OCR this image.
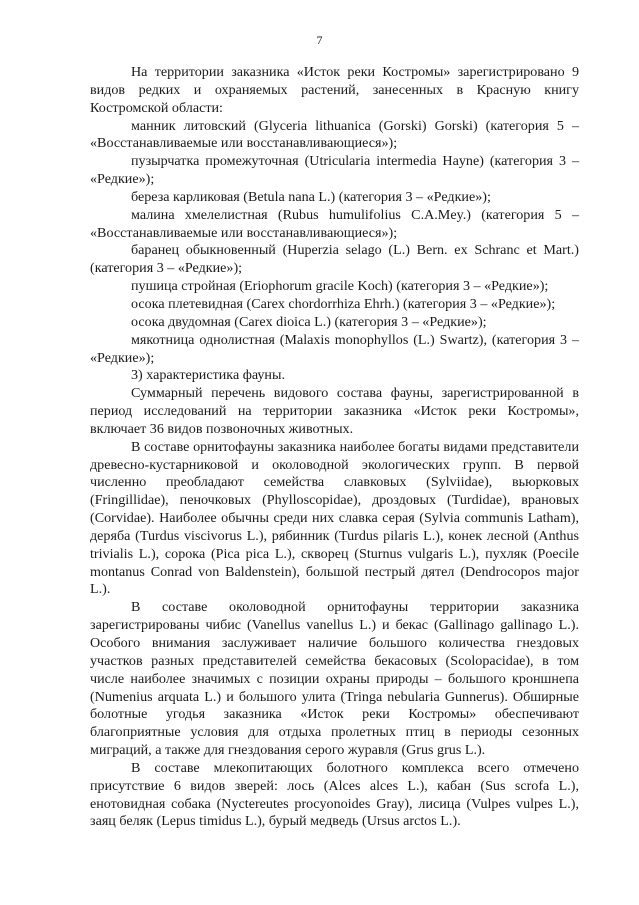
7

На территории заказника «Исток реки Костромы» зарегистрировано 9 видов редких и охраняемых растений, занесенных в Красную книгу Костромской области:

манник литовский (Glyceria lithuanica (Gorski) Gorski) (категория 5 – «Восстанавливаемые или восстанавливающиеся»);

пузырчатка промежуточная (Utricularia intermedia Hayne) (категория 3 – «Редкие»);

береза карликовая (Betula nana L.) (категория 3 – «Редкие»);

малина хмелелистная (Rubus humulifolius C.A.Mey.) (категория 5 – «Восстанавливаемые или восстанавливающиеся»);

баранец обыкновенный (Huperzia selago (L.) Bern. ex Schranc et Mart.) (категория 3 – «Редкие»);

пушица стройная (Eriophorum gracile Koch) (категория 3 – «Редкие»);

осока плетевидная (Carex chordorrhiza Ehrh.) (категория 3 – «Редкие»);

осока двудомная (Carex dioica L.) (категория 3 – «Редкие»);

мякотница однолистная (Malaxis monophyllos (L.) Swartz), (категория 3 – «Редкие»);

3) характеристика фауны.

Суммарный перечень видового состава фауны, зарегистрированной в период исследований на территории заказника «Исток реки Костромы», включает 36 видов позвоночных животных.

В составе орнитофауны заказника наиболее богаты видами представители древесно-кустарниковой и околоводной экологических групп. В первой численно преобладают семейства славковых (Sylviidae), вьюрковых (Fringillidae), пеночковых (Phylloscopidae), дроздовых (Turdidae), врановых (Corvidae). Наиболее обычны среди них славка серая (Sylvia communis Latham), деряба (Turdus viscivorus L.), рябинник (Turdus pilaris L.), конек лесной (Anthus trivialis L.), сорока (Pica pica L.), скворец (Sturnus vulgaris L.), пухляк (Poecile montanus Conrad von Baldenstein), большой пестрый дятел (Dendrocopos major L.).

В составе околоводной орнитофауны территории заказника зарегистрированы чибис (Vanellus vanellus L.) и бекас (Gallinago gallinago L.). Особого внимания заслуживает наличие большого количества гнездовых участков разных представителей семейства бекасовых (Scolopacidae), в том числе наиболее значимых с позиции охраны природы – большого кроншнепа (Numenius arquata L.) и большого улита (Tringa nebularia Gunnerus). Обширные болотные угодья заказника «Исток реки Костромы» обеспечивают благоприятные условия для отдыха пролетных птиц в периоды сезонных миграций, а также для гнездования серого журавля (Grus grus L.).

В составе млекопитающих болотного комплекса всего отмечено присутствие 6 видов зверей: лось (Alces alces L.), кабан (Sus scrofa L.), енотовидная собака (Nyctereutes procyonoides Gray), лисица (Vulpes vulpes L.), заяц беляк (Lepus timidus L.), бурый медведь (Ursus arctos L.).
